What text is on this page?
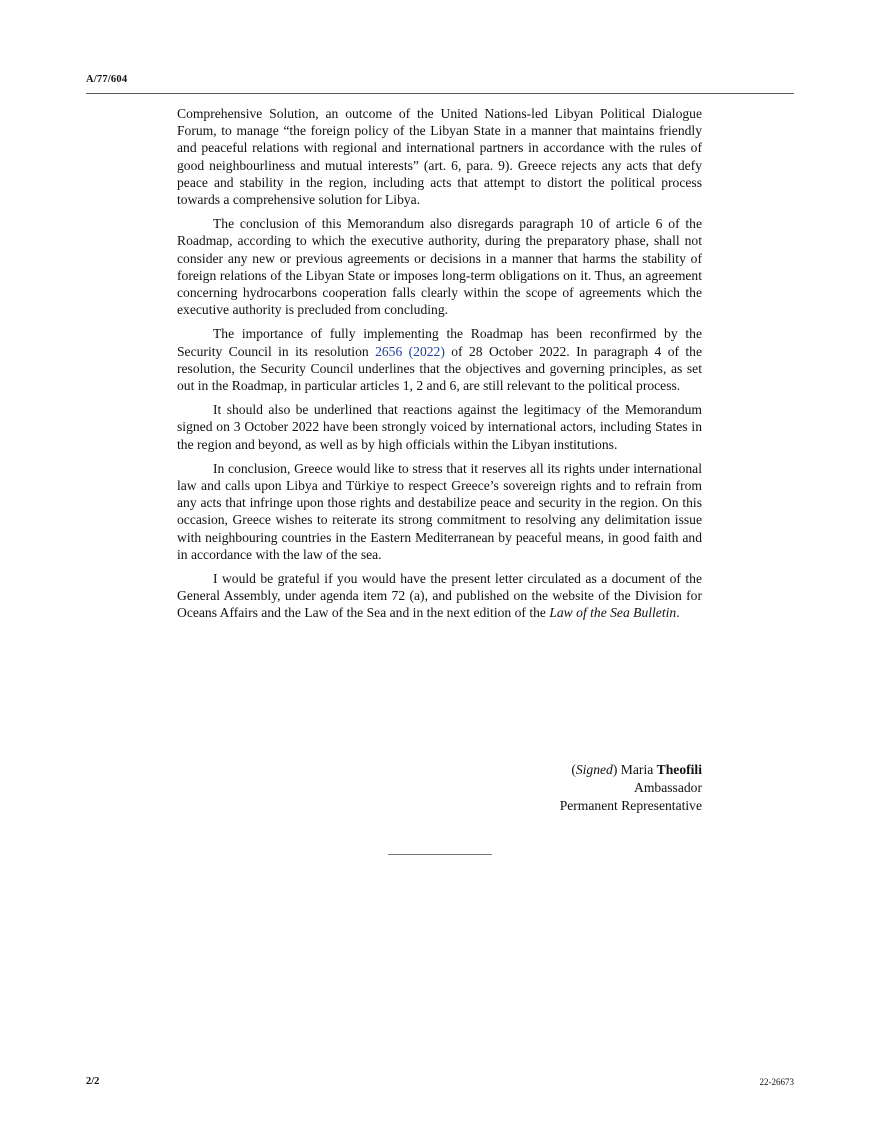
A/77/604

Comprehensive Solution, an outcome of the United Nations-led Libyan Political Dialogue Forum, to manage “the foreign policy of the Libyan State in a manner that maintains friendly and peaceful relations with regional and international partners in accordance with the rules of good neighbourliness and mutual interests” (art. 6, para. 9). Greece rejects any acts that defy peace and stability in the region, including acts that attempt to distort the political process towards a comprehensive solution for Libya.

The conclusion of this Memorandum also disregards paragraph 10 of article 6 of the Roadmap, according to which the executive authority, during the preparatory phase, shall not consider any new or previous agreements or decisions in a manner that harms the stability of foreign relations of the Libyan State or imposes long-term obligations on it. Thus, an agreement concerning hydrocarbons cooperation falls clearly within the scope of agreements which the executive authority is precluded from concluding.

The importance of fully implementing the Roadmap has been reconfirmed by the Security Council in its resolution 2656 (2022) of 28 October 2022. In paragraph 4 of the resolution, the Security Council underlines that the objectives and governing principles, as set out in the Roadmap, in particular articles 1, 2 and 6, are still relevant to the political process.

It should also be underlined that reactions against the legitimacy of the Memorandum signed on 3 October 2022 have been strongly voiced by international actors, including States in the region and beyond, as well as by high officials within the Libyan institutions.

In conclusion, Greece would like to stress that it reserves all its rights under international law and calls upon Libya and Türkiye to respect Greece’s sovereign rights and to refrain from any acts that infringe upon those rights and destabilize peace and security in the region. On this occasion, Greece wishes to reiterate its strong commitment to resolving any delimitation issue with neighbouring countries in the Eastern Mediterranean by peaceful means, in good faith and in accordance with the law of the sea.

I would be grateful if you would have the present letter circulated as a document of the General Assembly, under agenda item 72 (a), and published on the website of the Division for Oceans Affairs and the Law of the Sea and in the next edition of the Law of the Sea Bulletin.

(Signed) Maria Theofili
Ambassador
Permanent Representative
2/2	22-26673
